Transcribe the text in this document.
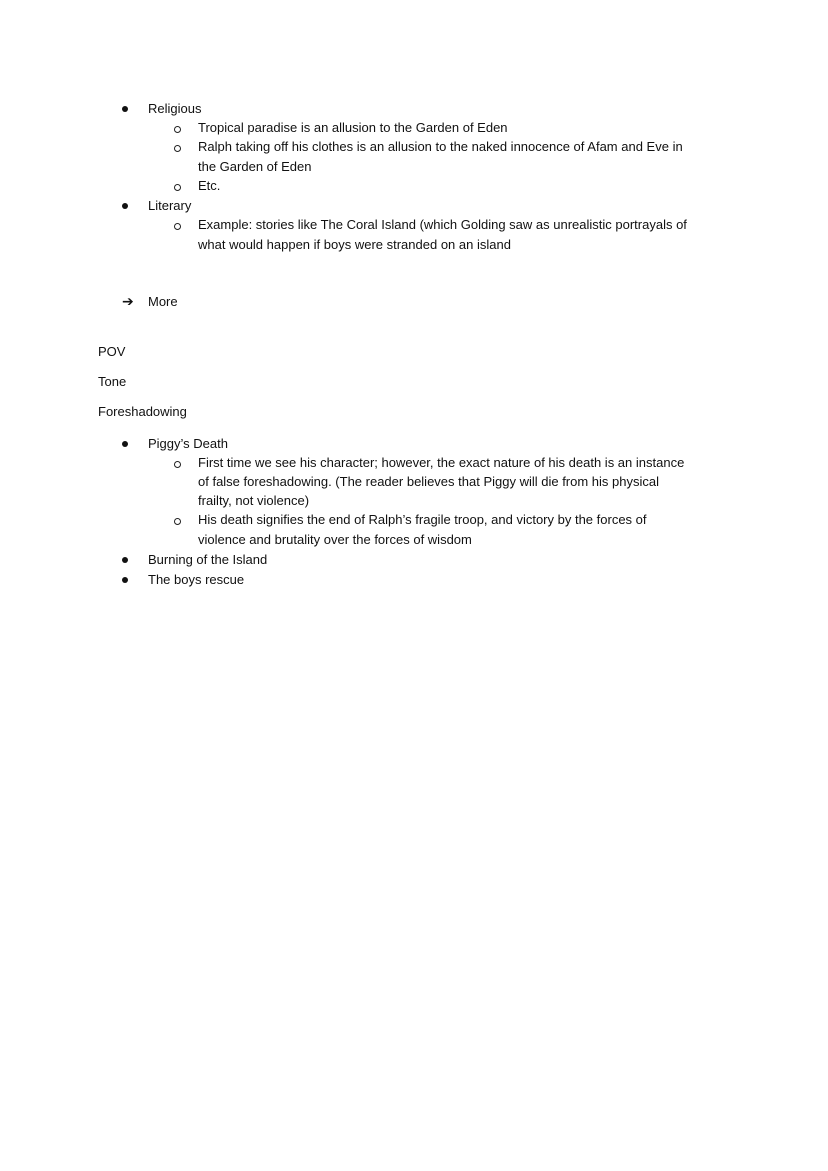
Religious
Tropical paradise is an allusion to the Garden of Eden
Ralph taking off his clothes is an allusion to the naked innocence of Afam and Eve in
the Garden of Eden
Etc.
Literary
Example: stories like The Coral Island (which Golding saw as unrealistic portrayals of
what would happen if boys were stranded on an island
➔ More
POV
Tone
Foreshadowing
Piggy’s Death
First time we see his character; however, the exact nature of his death is an instance
of false foreshadowing. (The reader believes that Piggy will die from his physical
frailty, not violence)
His death signifies the end of Ralph’s fragile troop, and victory by the forces of
violence and brutality over the forces of wisdom
Burning of the Island
The boys rescue
